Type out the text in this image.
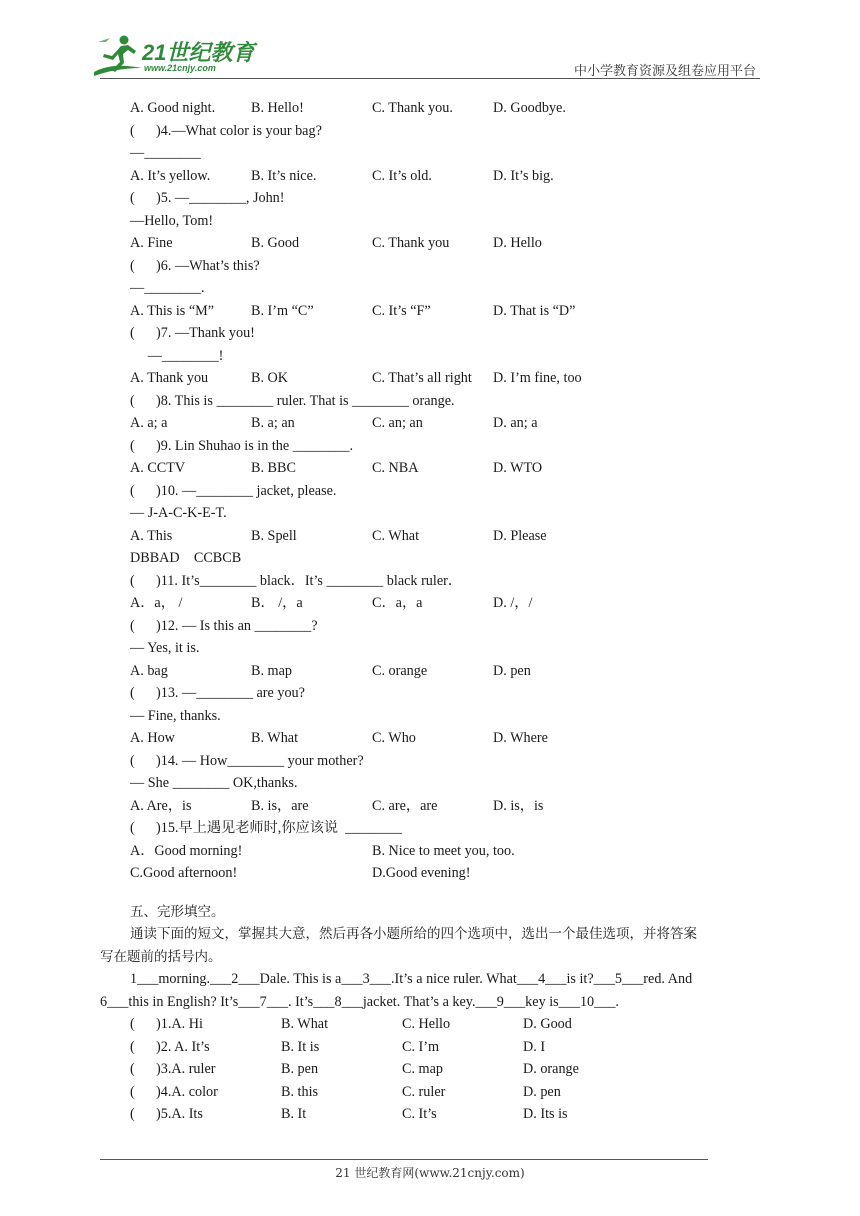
21世纪教育
www.21cnjy.com	中小学教育资源及组卷应用平台
A. Good night.	B. Hello!	C. Thank you.	D. Goodbye.
(      )4.—What color is your bag?
—________
A. It’s yellow.	B. It’s nice.	C. It’s old.	D. It’s big.
(      )5. —________, John!
—Hello, Tom!
A. Fine	B. Good	C. Thank you	D. Hello
(      )6. —What’s this?
—________.
A. This is “M”	B. I’m “C”	C. It’s “F”	D. That is “D”
(      )7. —Thank you!
—________!
A. Thank you	B. OK	C. That’s all right D. I’m fine, too
(      )8. This is ________ ruler. That is ________ orange.
A. a; a	B. a; an	C. an; an	D. an; a
(      )9. Lin Shuhao is in the ________.
A. CCTV	B. BBC	C. NBA	D. WTO
(      )10. —________ jacket, please.
— J-A-C-K-E-T.
A. This	B. Spell	C. What	D. Please
DBBAD    CCBCB
(      )11. It’s________ black．It’s ________ black ruler．
A．a， /	B． /，a	C．a，a	D. /，/
(      )12. — Is this an ________?
— Yes, it is.
A. bag	B. map	C. orange	D. pen
(      )13. —________ are you?
— Fine, thanks.
A. How	B. What	C. Who	D. Where
(      )14. — How________ your mother?
— She ________ OK,thanks.
A. Are，is	B. is，are	C. are，are	D. is，is
(      )15.早上遇见老师时,你应该说  ________
A．Good morning!	B. Nice to meet you, too.
C.Good afternoon!	D.Good evening!
五、完形填空。
通读下面的短文，掌握其大意，然后再各小题所给的四个选项中，选出一个最佳选项，并将答案
写在题前的括号内。
1___morning.___2___Dale. This is a___3___.It’s a nice ruler. What___4___is it?___5___red. And
6___this in English? It’s___7___. It’s___8___jacket. That’s a key.___9___key is___10___.
(      )1.A. Hi	B. What	C. Hello	D. Good
(      )2. A. It’s	B. It is	C. I’m	D. I
(      )3.A. ruler	B. pen	C. map	D. orange
(      )4.A. color	B. this	C. ruler	D. pen
(      )5.A. Its	B. It	C. It’s	D. Its is
21 世纪教育网(www.21cnjy.com)
